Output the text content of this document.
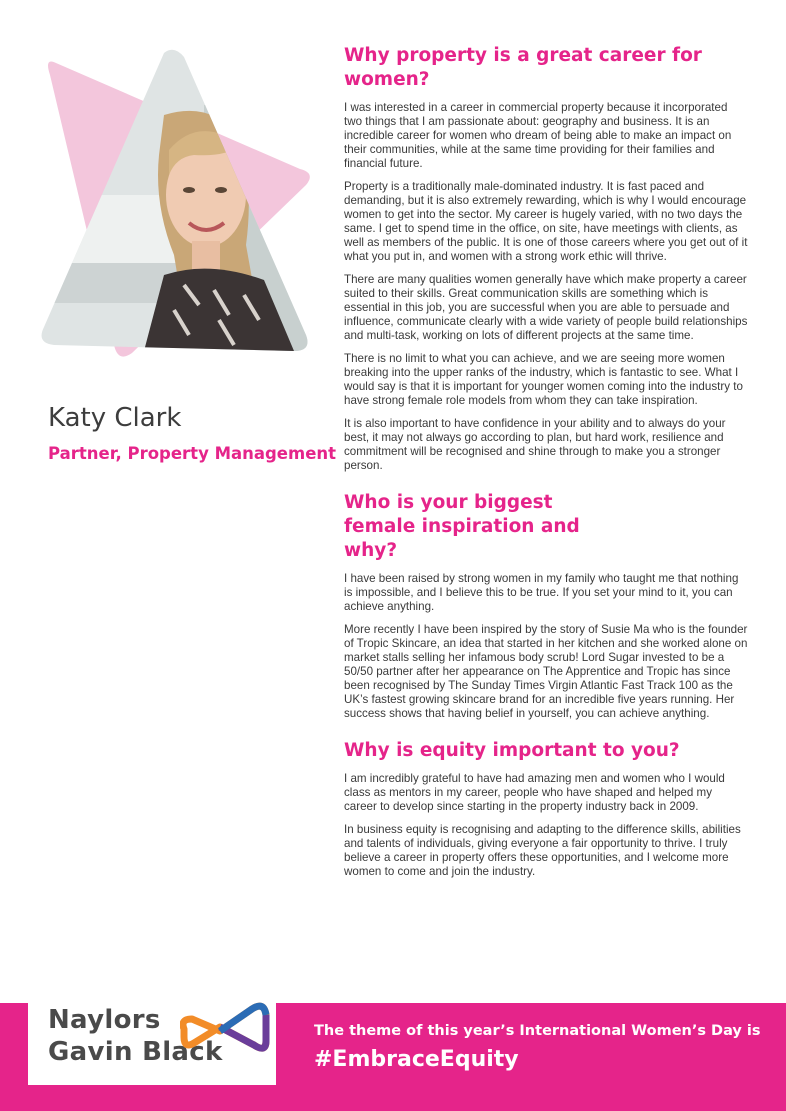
Katy Clark

Partner, Property Management

Why property is a great career for women?

I was interested in a career in commercial property because it incorporated two things that I am passionate about: geography and business. It is an incredible career for women who dream of being able to make an impact on their communities, while at the same time providing for their families and financial future.

Property is a traditionally male-dominated industry. It is fast paced and demanding, but it is also extremely rewarding, which is why I would encourage women to get into the sector. My career is hugely varied, with no two days the same. I get to spend time in the office, on site, have meetings with clients, as well as members of the public. It is one of those careers where you get out of it what you put in, and women with a strong work ethic will thrive.

There are many qualities women generally have which make property a career suited to their skills. Great communication skills are something which is essential in this job, you are successful when you are able to persuade and influence, communicate clearly with a wide variety of people build relationships and multi-task, working on lots of different projects at the same time.

There is no limit to what you can achieve, and we are seeing more women breaking into the upper ranks of the industry, which is fantastic to see. What I would say is that it is important for younger women coming into the industry to have strong female role models from whom they can take inspiration.

It is also important to have confidence in your ability and to always do your best, it may not always go according to plan, but hard work, resilience and commitment will be recognised and shine through to make you a stronger person.

Who is your biggest female inspiration and why?

I have been raised by strong women in my family who taught me that nothing is impossible, and I believe this to be true. If you set your mind to it, you can achieve anything.

More recently I have been inspired by the story of Susie Ma who is the founder of Tropic Skincare, an idea that started in her kitchen and she worked alone on market stalls selling her infamous body scrub! Lord Sugar invested to be a 50/50 partner after her appearance on The Apprentice and Tropic has since been recognised by The Sunday Times Virgin Atlantic Fast Track 100 as the UK’s fastest growing skincare brand for an incredible five years running. Her success shows that having belief in yourself, you can achieve anything.

Why is equity important to you?

I am incredibly grateful to have had amazing men and women who I would class as mentors in my career, people who have shaped and helped my career to develop since starting in the property industry back in 2009.

In business equity is recognising and adapting to the difference skills, abilities and talents of individuals, giving everyone a fair opportunity to thrive. I truly believe a career in property offers these opportunities, and I welcome more women to come and join the industry.

Naylors

Gavin Black

The theme of this year’s International Women’s Day is

#EmbraceEquity
